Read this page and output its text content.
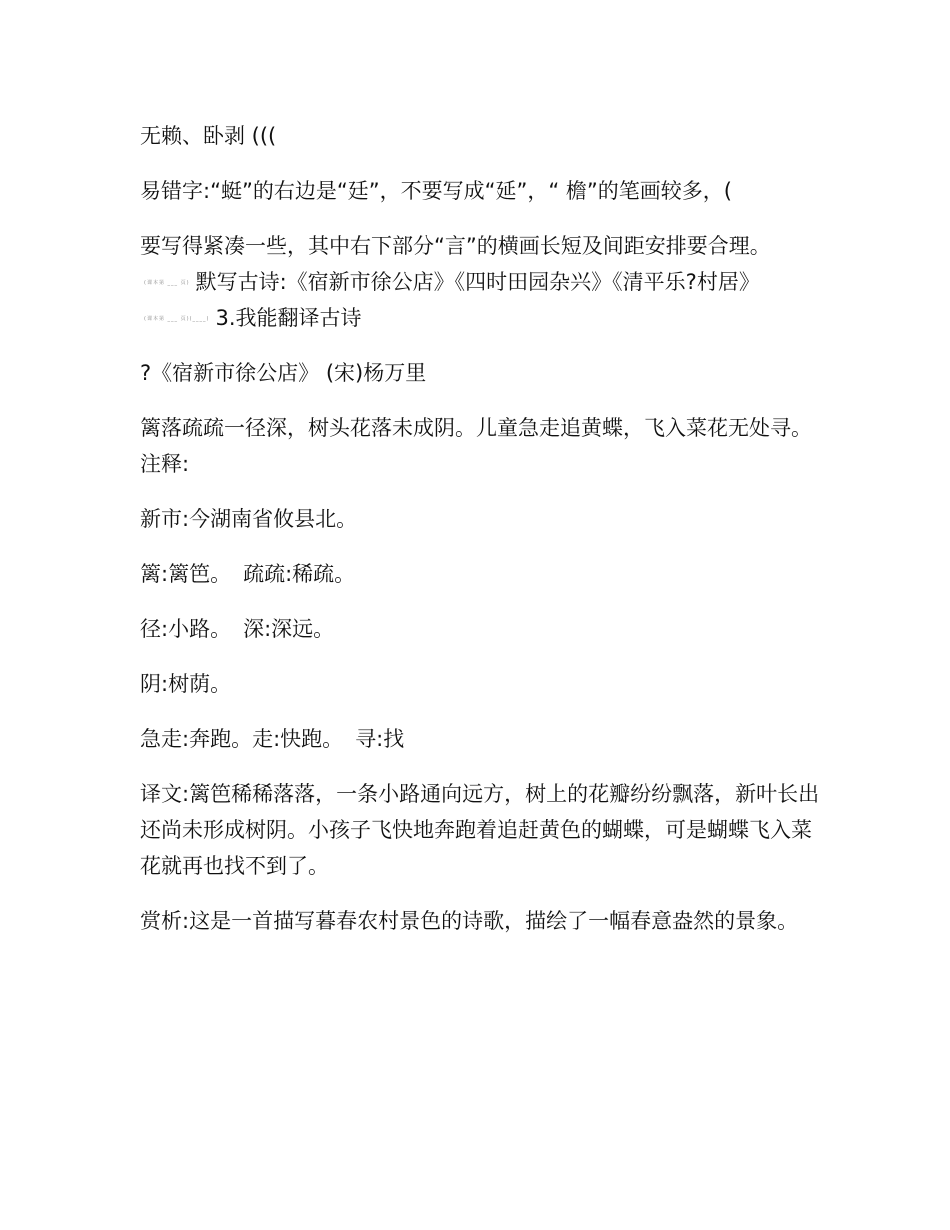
无赖、卧剥 (((

易错字:“蜓”的右边是“廷”，不要写成“延”，“ 檐”的笔画较多，(

要写得紧凑一些，其中右下部分“言”的横画长短及间距安排要合理。(课本第 ___ 页) 默写古诗:《宿新市徐公店》《四时田园杂兴》《清平乐?村居》(课本第 ___ 页)(____) 3.我能翻译古诗

?《宿新市徐公店》 (宋)杨万里

篱落疏疏一径深，树头花落未成阴。儿童急走追黄蝶，飞入菜花无处寻。 注释:

新市:今湖南省攸县北。

篱:篱笆。 疏疏:稀疏。

径:小路。 深:深远。

阴:树荫。

急走:奔跑。走:快跑。 寻:找

译文:篱笆稀稀落落，一条小路通向远方，树上的花瓣纷纷飘落，新叶长出还尚未形成树阴。小孩子飞快地奔跑着追赶黄色的蝴蝶，可是蝴蝶飞入菜花就再也找不到了。

赏析:这是一首描写暮春农村景色的诗歌，描绘了一幅春意盎然的景象。
